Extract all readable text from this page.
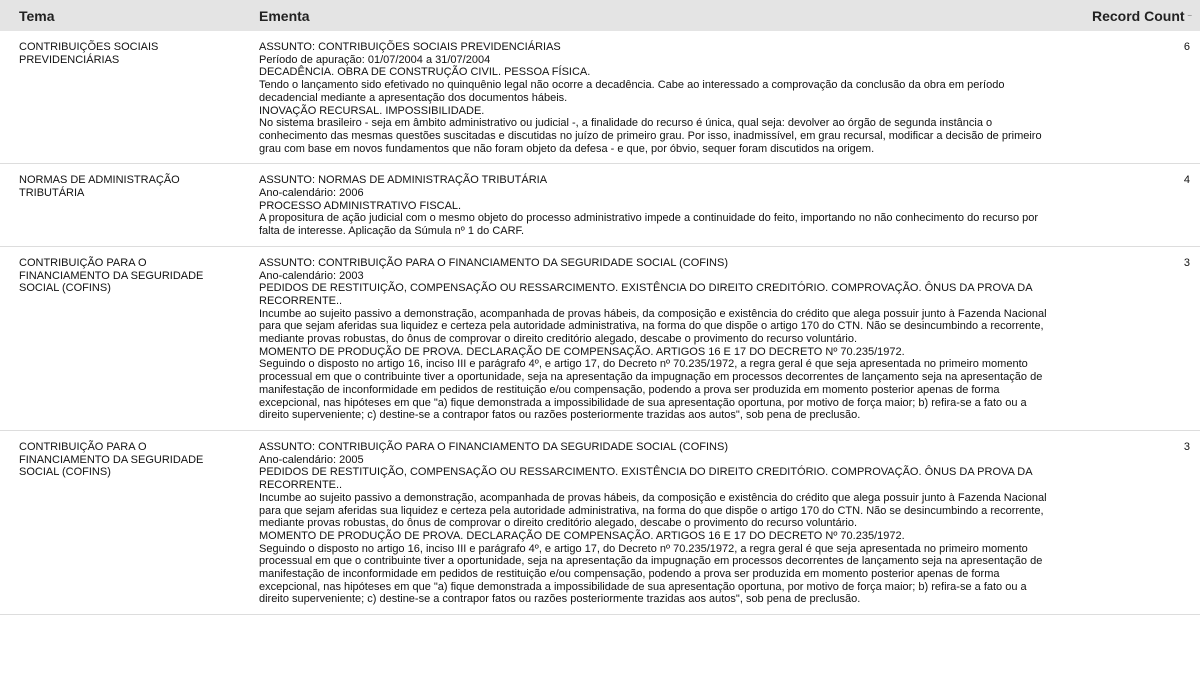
Tema	Ementa	Record Count –
CONTRIBUIÇÕES SOCIAIS PREVIDENCIÁRIAS
ASSUNTO: CONTRIBUIÇÕES SOCIAIS PREVIDENCIÁRIAS
Período de apuração: 01/07/2004 a 31/07/2004
DECADÊNCIA. OBRA DE CONSTRUÇÃO CIVIL. PESSOA FÍSICA.
Tendo o lançamento sido efetivado no quinquênio legal não ocorre a decadência. Cabe ao interessado a comprovação da conclusão da obra em período decadencial mediante a apresentação dos documentos hábeis.
INOVAÇÃO RECURSAL. IMPOSSIBILIDADE.
No sistema brasileiro - seja em âmbito administrativo ou judicial -, a finalidade do recurso é única, qual seja: devolver ao órgão de segunda instância o conhecimento das mesmas questões suscitadas e discutidas no juízo de primeiro grau. Por isso, inadmissível, em grau recursal, modificar a decisão de primeiro grau com base em novos fundamentos que não foram objeto da defesa - e que, por óbvio, sequer foram discutidos na origem.
6
NORMAS DE ADMINISTRAÇÃO TRIBUTÁRIA
ASSUNTO: NORMAS DE ADMINISTRAÇÃO TRIBUTÁRIA
Ano-calendário: 2006
PROCESSO ADMINISTRATIVO FISCAL.
A propositura de ação judicial com o mesmo objeto do processo administrativo impede a continuidade do feito, importando no não conhecimento do recurso por falta de interesse. Aplicação da Súmula nº 1 do CARF.
4
CONTRIBUIÇÃO PARA O FINANCIAMENTO DA SEGURIDADE SOCIAL (COFINS)
ASSUNTO: CONTRIBUIÇÃO PARA O FINANCIAMENTO DA SEGURIDADE SOCIAL (COFINS)
Ano-calendário: 2003
PEDIDOS DE RESTITUIÇÃO, COMPENSAÇÃO OU RESSARCIMENTO. EXISTÊNCIA DO DIREITO CREDITÓRIO. COMPROVAÇÃO. ÔNUS DA PROVA DA RECORRENTE..
Incumbe ao sujeito passivo a demonstração, acompanhada de provas hábeis, da composição e existência do crédito que alega possuir junto à Fazenda Nacional para que sejam aferidas sua liquidez e certeza pela autoridade administrativa, na forma do que dispõe o artigo 170 do CTN. Não se desincumbindo a recorrente, mediante provas robustas, do ônus de comprovar o direito creditório alegado, descabe o provimento do recurso voluntário.
MOMENTO DE PRODUÇÃO DE PROVA. DECLARAÇÃO DE COMPENSAÇÃO. ARTIGOS 16 E 17 DO DECRETO Nº 70.235/1972.
Seguindo o disposto no artigo 16, inciso III e parágrafo 4º, e artigo 17, do Decreto nº 70.235/1972, a regra geral é que seja apresentada no primeiro momento processual em que o contribuinte tiver a oportunidade, seja na apresentação da impugnação em processos decorrentes de lançamento seja na apresentação de manifestação de inconformidade em pedidos de restituição e/ou compensação, podendo a prova ser produzida em momento posterior apenas de forma excepcional, nas hipóteses em que "a) fique demonstrada a impossibilidade de sua apresentação oportuna, por motivo de força maior; b) refira-se a fato ou a direito superveniente; c) destine-se a contrapor fatos ou razões posteriormente trazidas aos autos", sob pena de preclusão.
3
CONTRIBUIÇÃO PARA O FINANCIAMENTO DA SEGURIDADE SOCIAL (COFINS)
ASSUNTO: CONTRIBUIÇÃO PARA O FINANCIAMENTO DA SEGURIDADE SOCIAL (COFINS)
Ano-calendário: 2005
PEDIDOS DE RESTITUIÇÃO, COMPENSAÇÃO OU RESSARCIMENTO. EXISTÊNCIA DO DIREITO CREDITÓRIO. COMPROVAÇÃO. ÔNUS DA PROVA DA RECORRENTE..
Incumbe ao sujeito passivo a demonstração, acompanhada de provas hábeis, da composição e existência do crédito que alega possuir junto à Fazenda Nacional para que sejam aferidas sua liquidez e certeza pela autoridade administrativa, na forma do que dispõe o artigo 170 do CTN. Não se desincumbindo a recorrente, mediante provas robustas, do ônus de comprovar o direito creditório alegado, descabe o provimento do recurso voluntário.
MOMENTO DE PRODUÇÃO DE PROVA. DECLARAÇÃO DE COMPENSAÇÃO. ARTIGOS 16 E 17 DO DECRETO Nº 70.235/1972.
Seguindo o disposto no artigo 16, inciso III e parágrafo 4º, e artigo 17, do Decreto nº 70.235/1972, a regra geral é que seja apresentada no primeiro momento processual em que o contribuinte tiver a oportunidade, seja na apresentação da impugnação em processos decorrentes de lançamento seja na apresentação de manifestação de inconformidade em pedidos de restituição e/ou compensação, podendo a prova ser produzida em momento posterior apenas de forma excepcional, nas hipóteses em que "a) fique demonstrada a impossibilidade de sua apresentação oportuna, por motivo de força maior; b) refira-se a fato ou a direito superveniente; c) destine-se a contrapor fatos ou razões posteriormente trazidas aos autos", sob pena de preclusão.
3
